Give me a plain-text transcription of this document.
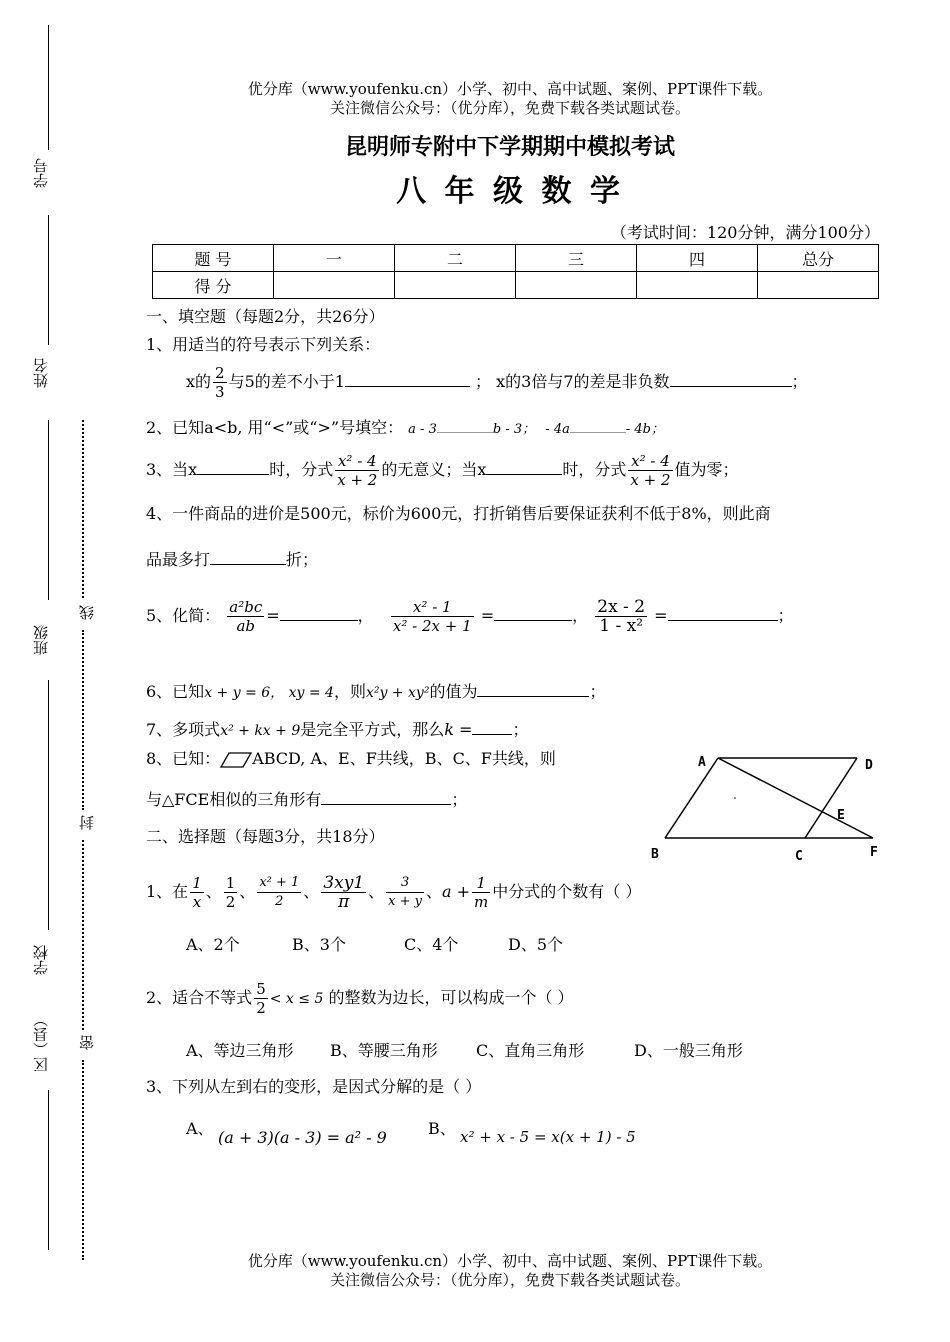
学号
姓名
班级
学校
区（县）
线
封
密
优分库（www.youfenku.cn）小学、初中、高中试题、案例、PPT课件下载。
关注微信公众号：（优分库），免费下载各类试题试卷。
昆明师专附中下学期期中模拟考试
八 年 级 数 学
（考试时间：120分钟，满分100分）
题 号	一	二	三	四	总分
得 分					
一、填空题（每题2分，共26分）
1、用适当的符号表示下列关系：
x的 $\frac{2}{3}$ 与5的差不小于1	； x的3倍与7的差是非负数	；
2、已知a<b, 用“<”或“>”号填空： a - 3	b - 3； - 4a	- 4b；
3、当x	时，分式 $\frac{\text{x² - 4}}{x + 2}$ 的无意义；当x	时，分式 $\frac{\text{x² - 4}}{x + 2}$ 值为零；
4、一件商品的进价是500元，标价为600元，打折销售后要保证获利不低于8%，则此商
品最多打	折；
5、化简： $\frac{\text{a²bc}}{ab}$ =	， $\frac{\text{x² - 1}}{\text{x² - 2x + 1}}$ =	， $\frac{2x - 2}{\text{1 - x²}}$ =	；
6、已知x + y = 6， xy = 4，则x²y + xy²的值为	；
7、多项式x² + kx + 9是完全平方式，那么k =	；
8、已知： ABCD, A、E、F共线，B、C、F共线，则
与△FCE相似的三角形有	；
A	D
E
B	C	F
二、选择题（每题3分，共18分）
1、在 $\frac{1}{x}$ 、 $\frac{1}{2}$ 、 $\frac{\text{x² + 1}}{2}$ 、 $\frac{3xy1}{\pi}$ 、 $\frac{3}{x + y}$ 、$a + \frac{1}{m}$ 中分式的个数有（ ）
A、2个	B、3个	C、4个	D、5个
2、适合不等式 $\frac{5}{2} < x \le 5$ 的整数为边长，可以构成一个（ ）
A、等边三角形 B、等腰三角形 C、直角三角形	D、一般三角形
3、下列从左到右的变形，是因式分解的是（ ）
A、 (a + 3)(a - 3) = a² - 9	B、 x² + x - 5 = x(x + 1) - 5
优分库（www.youfenku.cn）小学、初中、高中试题、案例、PPT课件下载。
关注微信公众号：（优分库），免费下载各类试题试卷。
